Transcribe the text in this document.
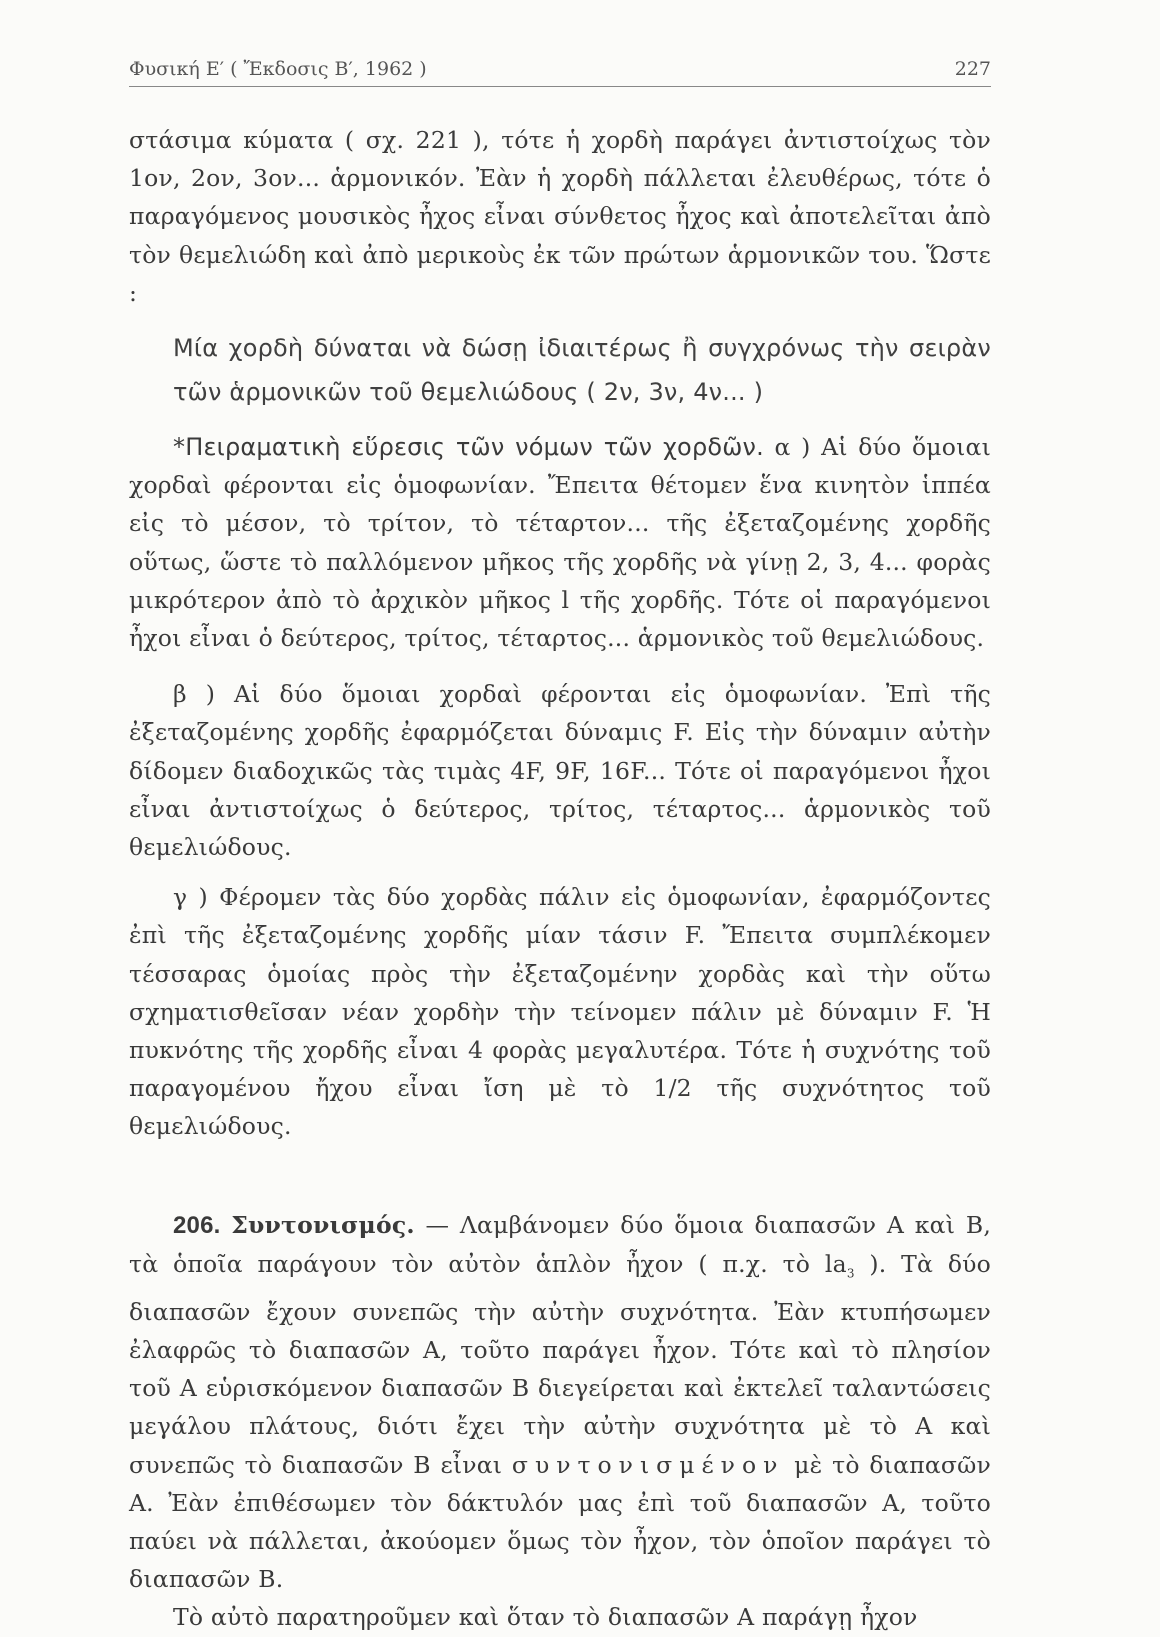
Φυσική Ε′ ( Ἔκδοσις Β′, 1962 )	227

στάσιμα κύματα ( σχ. 221 ), τότε ἡ χορδὴ παράγει ἀντιστοίχως τὸν 1ον, 2ον, 3ον... ἁρμονικόν. Ἐὰν ἡ χορδὴ πάλλεται ἐλευθέρως, τότε ὁ παραγόμενος μουσικὸς ἦχος εἶναι σύνθετος ἦχος καὶ ἀποτελεῖται ἀπὸ τὸν θεμελιώδη καὶ ἀπὸ μερικοὺς ἐκ τῶν πρώτων ἁρμονικῶν του. Ὥστε :

Μία χορδὴ δύναται νὰ δώσῃ ἰδιαιτέρως ἢ συγχρόνως τὴν σειρὰν τῶν ἁρμονικῶν τοῦ θεμελιώδους ( 2ν, 3ν, 4ν... )

*Πειραματικὴ εὕρεσις τῶν νόμων τῶν χορδῶν. α ) Αἱ δύο ὅμοιαι χορδαὶ φέρονται εἰς ὁμοφωνίαν. Ἔπειτα θέτομεν ἕνα κινητὸν ἱππέα εἰς τὸ μέσον, τὸ τρίτον, τὸ τέταρτον... τῆς ἐξεταζομένης χορδῆς οὕτως, ὥστε τὸ παλλόμενον μῆκος τῆς χορδῆς νὰ γίνῃ 2, 3, 4... φορὰς μικρότερον ἀπὸ τὸ ἀρχικὸν μῆκος l τῆς χορδῆς. Τότε οἱ παραγόμενοι ἦχοι εἶναι ὁ δεύτερος, τρίτος, τέταρτος... ἁρμονικὸς τοῦ θεμελιώδους.

β ) Αἱ δύο ὅμοιαι χορδαὶ φέρονται εἰς ὁμοφωνίαν. Ἐπὶ τῆς ἐξεταζομένης χορδῆς ἐφαρμόζεται δύναμις F. Εἰς τὴν δύναμιν αὐτὴν δίδομεν διαδοχικῶς τὰς τιμὰς 4F, 9F, 16F... Τότε οἱ παραγόμενοι ἦχοι εἶναι ἀντιστοίχως ὁ δεύτερος, τρίτος, τέταρτος... ἁρμονικὸς τοῦ θεμελιώδους.

γ ) Φέρομεν τὰς δύο χορδὰς πάλιν εἰς ὁμοφωνίαν, ἐφαρμόζοντες ἐπὶ τῆς ἐξεταζομένης χορδῆς μίαν τάσιν F. Ἔπειτα συμπλέκομεν τέσσαρας ὁμοίας πρὸς τὴν ἐξεταζομένην χορδὰς καὶ τὴν οὕτω σχηματισθεῖσαν νέαν χορδὴν τὴν τείνομεν πάλιν μὲ δύναμιν F. Ἡ πυκνότης τῆς χορδῆς εἶναι 4 φορὰς μεγαλυτέρα. Τότε ἡ συχνότης τοῦ παραγομένου ἤχου εἶναι ἴση μὲ τὸ 1/2 τῆς συχνότητος τοῦ θεμελιώδους.

206. Συντονισμός. — Λαμβάνομεν δύο ὅμοια διαπασῶν Α καὶ Β, τὰ ὁποῖα παράγουν τὸν αὐτὸν ἁπλὸν ἦχον ( π.χ. τὸ $la_3$ ). Τὰ δύο διαπασῶν ἔχουν συνεπῶς τὴν αὐτὴν συχνότητα. Ἐὰν κτυπήσωμεν ἐλαφρῶς τὸ διαπασῶν Α, τοῦτο παράγει ἦχον. Τότε καὶ τὸ πλησίον τοῦ Α εὑρισκόμενον διαπασῶν Β διεγείρεται καὶ ἐκτελεῖ ταλαντώσεις μεγάλου πλάτους, διότι ἔχει τὴν αὐτὴν συχνότητα μὲ τὸ Α καὶ συνεπῶς τὸ διαπασῶν Β εἶναι συντονισμένον μὲ τὸ διαπασῶν Α. Ἐὰν ἐπιθέσωμεν τὸν δάκτυλόν μας ἐπὶ τοῦ διαπασῶν Α, τοῦτο παύει νὰ πάλλεται, ἀκούομεν ὅμως τὸν ἦχον, τὸν ὁποῖον παράγει τὸ διαπασῶν Β.

Τὸ αὐτὸ παρατηροῦμεν καὶ ὅταν τὸ διαπασῶν Α παράγῃ ἦχον
